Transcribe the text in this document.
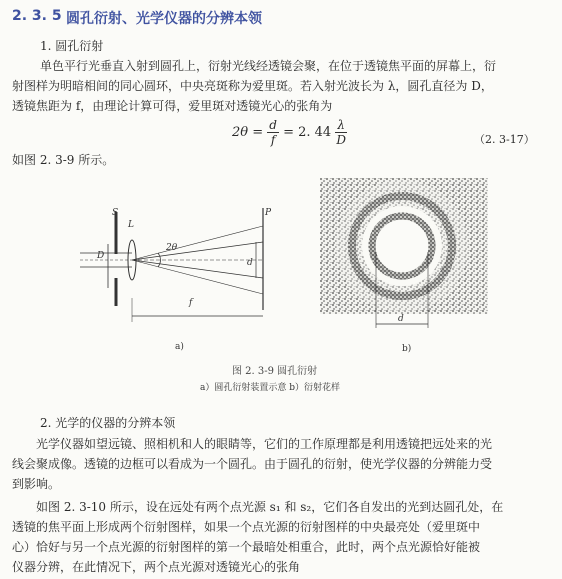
2. 3. 5 圆孔衍射、光学仪器的分辨本领
1. 圆孔衍射
单色平行光垂直入射到圆孔上，衍射光线经透镜会聚，在位于透镜焦平面的屏幕上，衍
射图样为明暗相间的同心圆环，中央亮斑称为爱里斑。若入射光波长为 λ，圆孔直径为 D，
透镜焦距为 f，由理论计算可得，爱里斑对透镜光心的张角为
$2\theta = \frac{d}{f} = 2$. $44 \frac{\lambda}{D}$	（2. 3-17）
如图 2. 3-9 所示。
S
L
D
2θ
P
d
f
a)
d
b)
图 2. 3-9 圆孔衍射
a）圆孔衍射装置示意 b）衍射花样
2. 光学的仪器的分辨本领
光学仪器如望远镜、照相机和人的眼睛等，它们的工作原理都是利用透镜把远处来的光
线会聚成像。透镜的边框可以看成为一个圆孔。由于圆孔的衍射，使光学仪器的分辨能力受
到影响。
如图 2. 3-10 所示，设在远处有两个点光源 s₁ 和 s₂，它们各自发出的光到达圆孔处，在
透镜的焦平面上形成两个衍射图样，如果一个点光源的衍射图样的中央最亮处（爱里斑中
心）恰好与另一个点光源的衍射图样的第一个最暗处相重合，此时，两个点光源恰好能被
仪器分辨，在此情况下，两个点光源对透镜光心的张角
